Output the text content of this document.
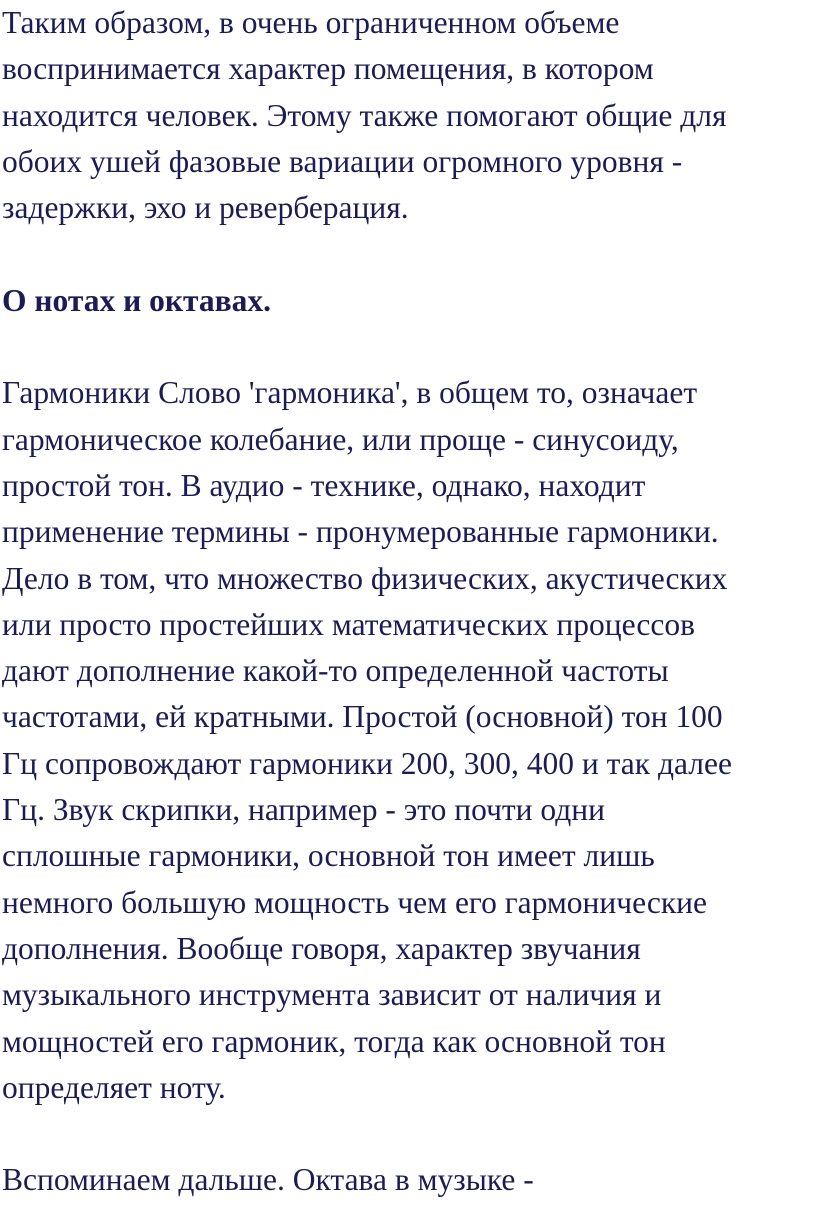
Таким образом, в очень ограниченном объеме
воспринимается характер помещения, в котором
находится человек. Этому также помогают общие для
обоих ушей фазовые вариации огромного уровня -
задержки, эхо и реверберация.

О нотах и октавах.

Гармоники Слово 'гармоника', в общем то, означает
гармоническое колебание, или проще - синусоиду,
простой тон. В аудио - технике, однако, находит
применение термины - пронумерованные гармоники.
Дело в том, что множество физических, акустических
или просто простейших математических процессов
дают дополнение какой-то определенной частоты
частотами, ей кратными. Простой (основной) тон 100
Гц сопровождают гармоники 200, 300, 400 и так далее
Гц. Звук скрипки, например - это почти одни
сплошные гармоники, основной тон имеет лишь
немного большую мощность чем его гармонические
дополнения. Вообще говоря, характер звучания
музыкального инструмента зависит от наличия и
мощностей его гармоник, тогда как основной тон
определяет ноту.

Вспоминаем дальше. Октава в музыке -
